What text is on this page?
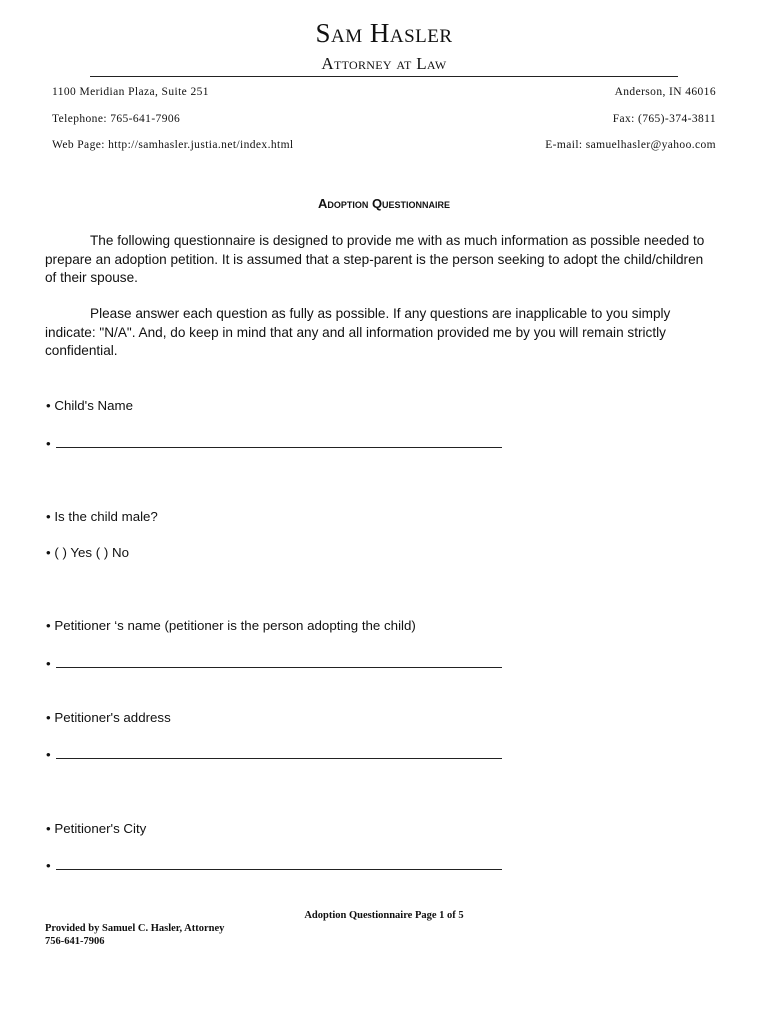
Sam Hasler
Attorney at Law
1100 Meridian Plaza, Suite 251	Anderson, IN 46016
Telephone: 765-641-7906	Fax: (765)-374-3811
Web Page: http://samhasler.justia.net/index.html	E-mail: samuelhasler@yahoo.com
Adoption Questionnaire
The following questionnaire is designed to provide me with as much information as possible needed to prepare an adoption petition. It is assumed that a step-parent is the person seeking to adopt the child/children of their spouse.
Please answer each question as fully as possible. If any questions are inapplicable to you simply indicate: "N/A". And, do keep in mind that any and all information provided me by you will remain strictly confidential.
• Child's Name
•
• Is the child male?
• ( ) Yes ( ) No
• Petitioner ‘s name (petitioner is the person adopting the child)
•
• Petitioner's address
•
• Petitioner's City
•
Adoption Questionnaire Page 1 of 5
Provided by Samuel C. Hasler, Attorney
756-641-7906
